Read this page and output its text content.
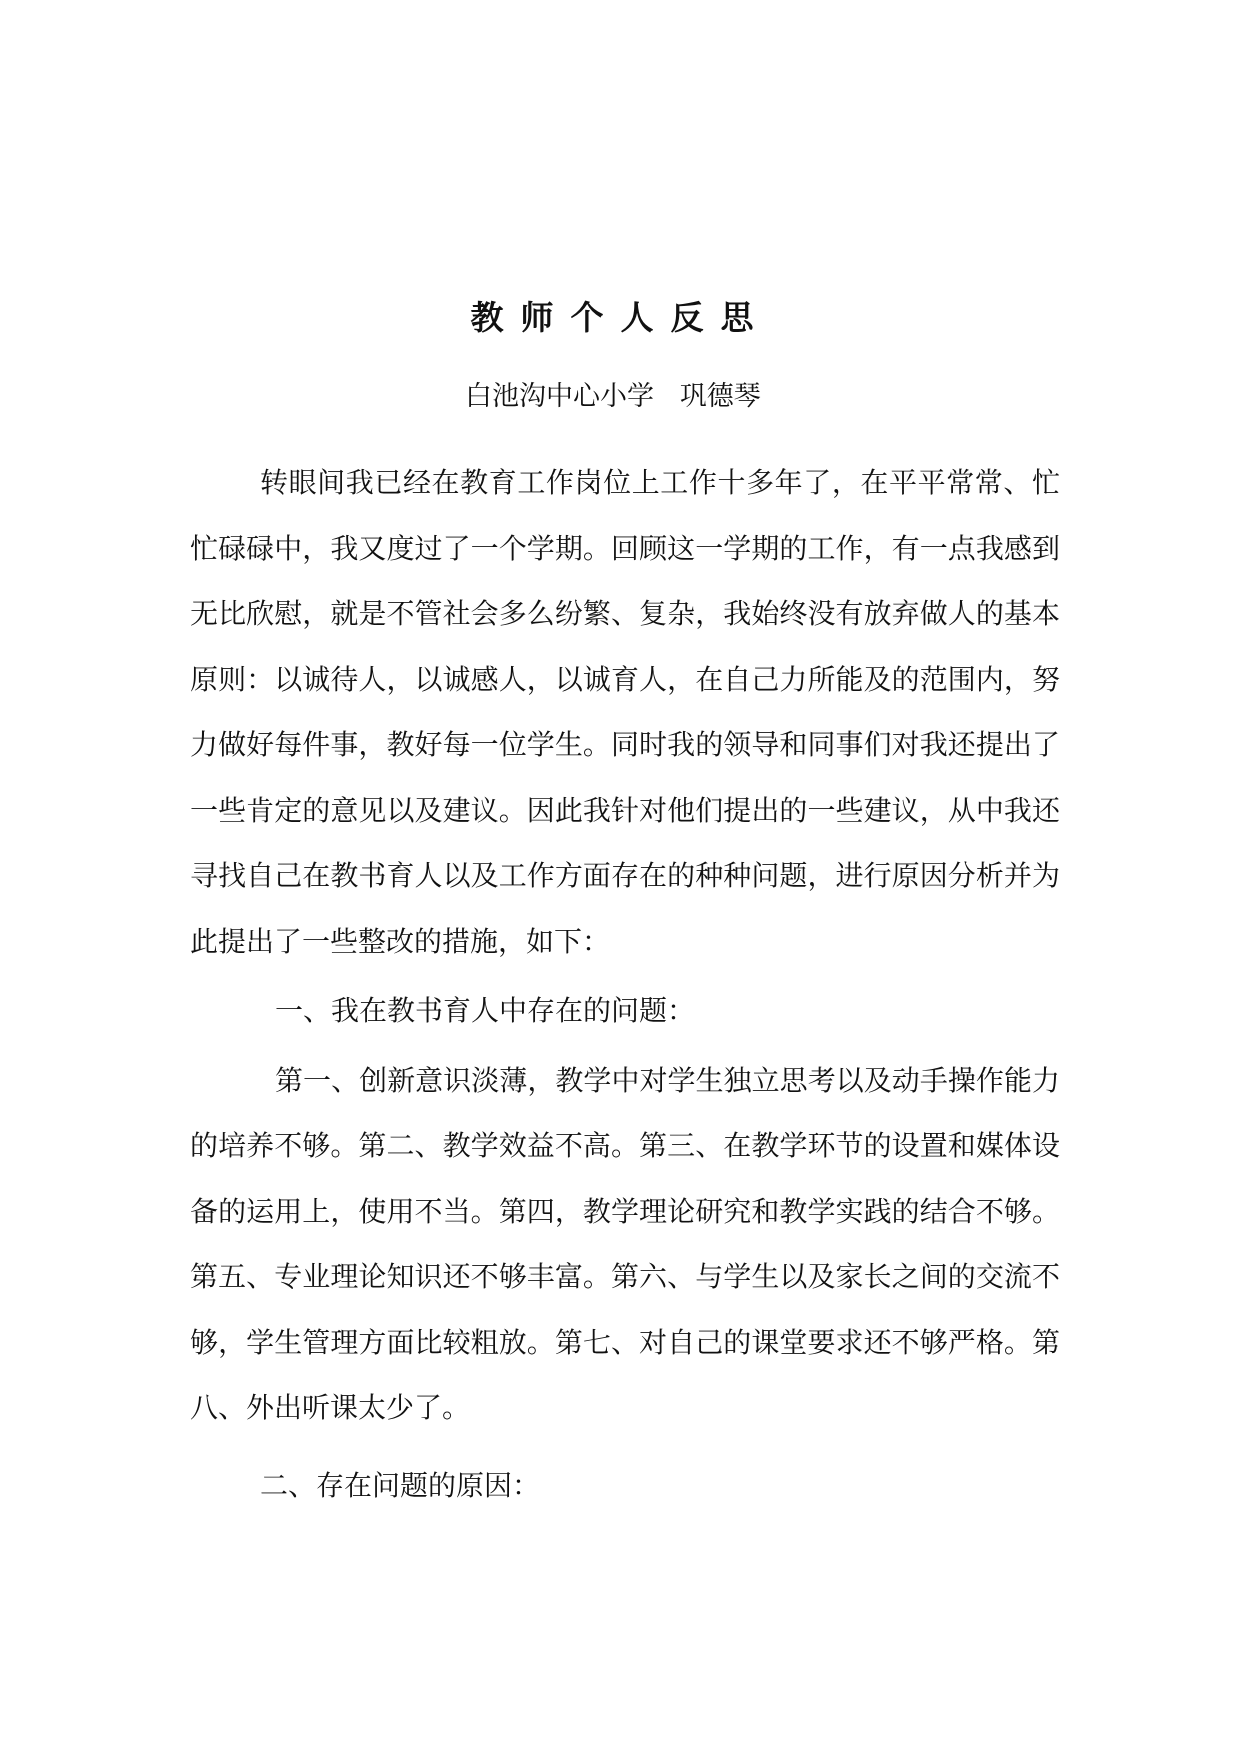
教师个人反思
白池沟中心小学   巩德琴

转眼间我已经在教育工作岗位上工作十多年了，在平平常常、忙忙碌碌中，我又度过了一个学期。回顾这一学期的工作，有一点我感到无比欣慰，就是不管社会多么纷繁、复杂，我始终没有放弃做人的基本原则：以诚待人，以诚感人，以诚育人，在自己力所能及的范围内，努力做好每件事，教好每一位学生。同时我的领导和同事们对我还提出了一些肯定的意见以及建议。因此我针对他们提出的一些建议，从中我还寻找自己在教书育人以及工作方面存在的种种问题，进行原因分析并为此提出了一些整改的措施，如下：

一、我在教书育人中存在的问题：

第一、创新意识淡薄，教学中对学生独立思考以及动手操作能力的培养不够。第二、教学效益不高。第三、在教学环节的设置和媒体设备的运用上，使用不当。第四，教学理论研究和教学实践的结合不够。第五、专业理论知识还不够丰富。第六、与学生以及家长之间的交流不够，学生管理方面比较粗放。第七、对自己的课堂要求还不够严格。第八、外出听课太少了。

二、存在问题的原因：
